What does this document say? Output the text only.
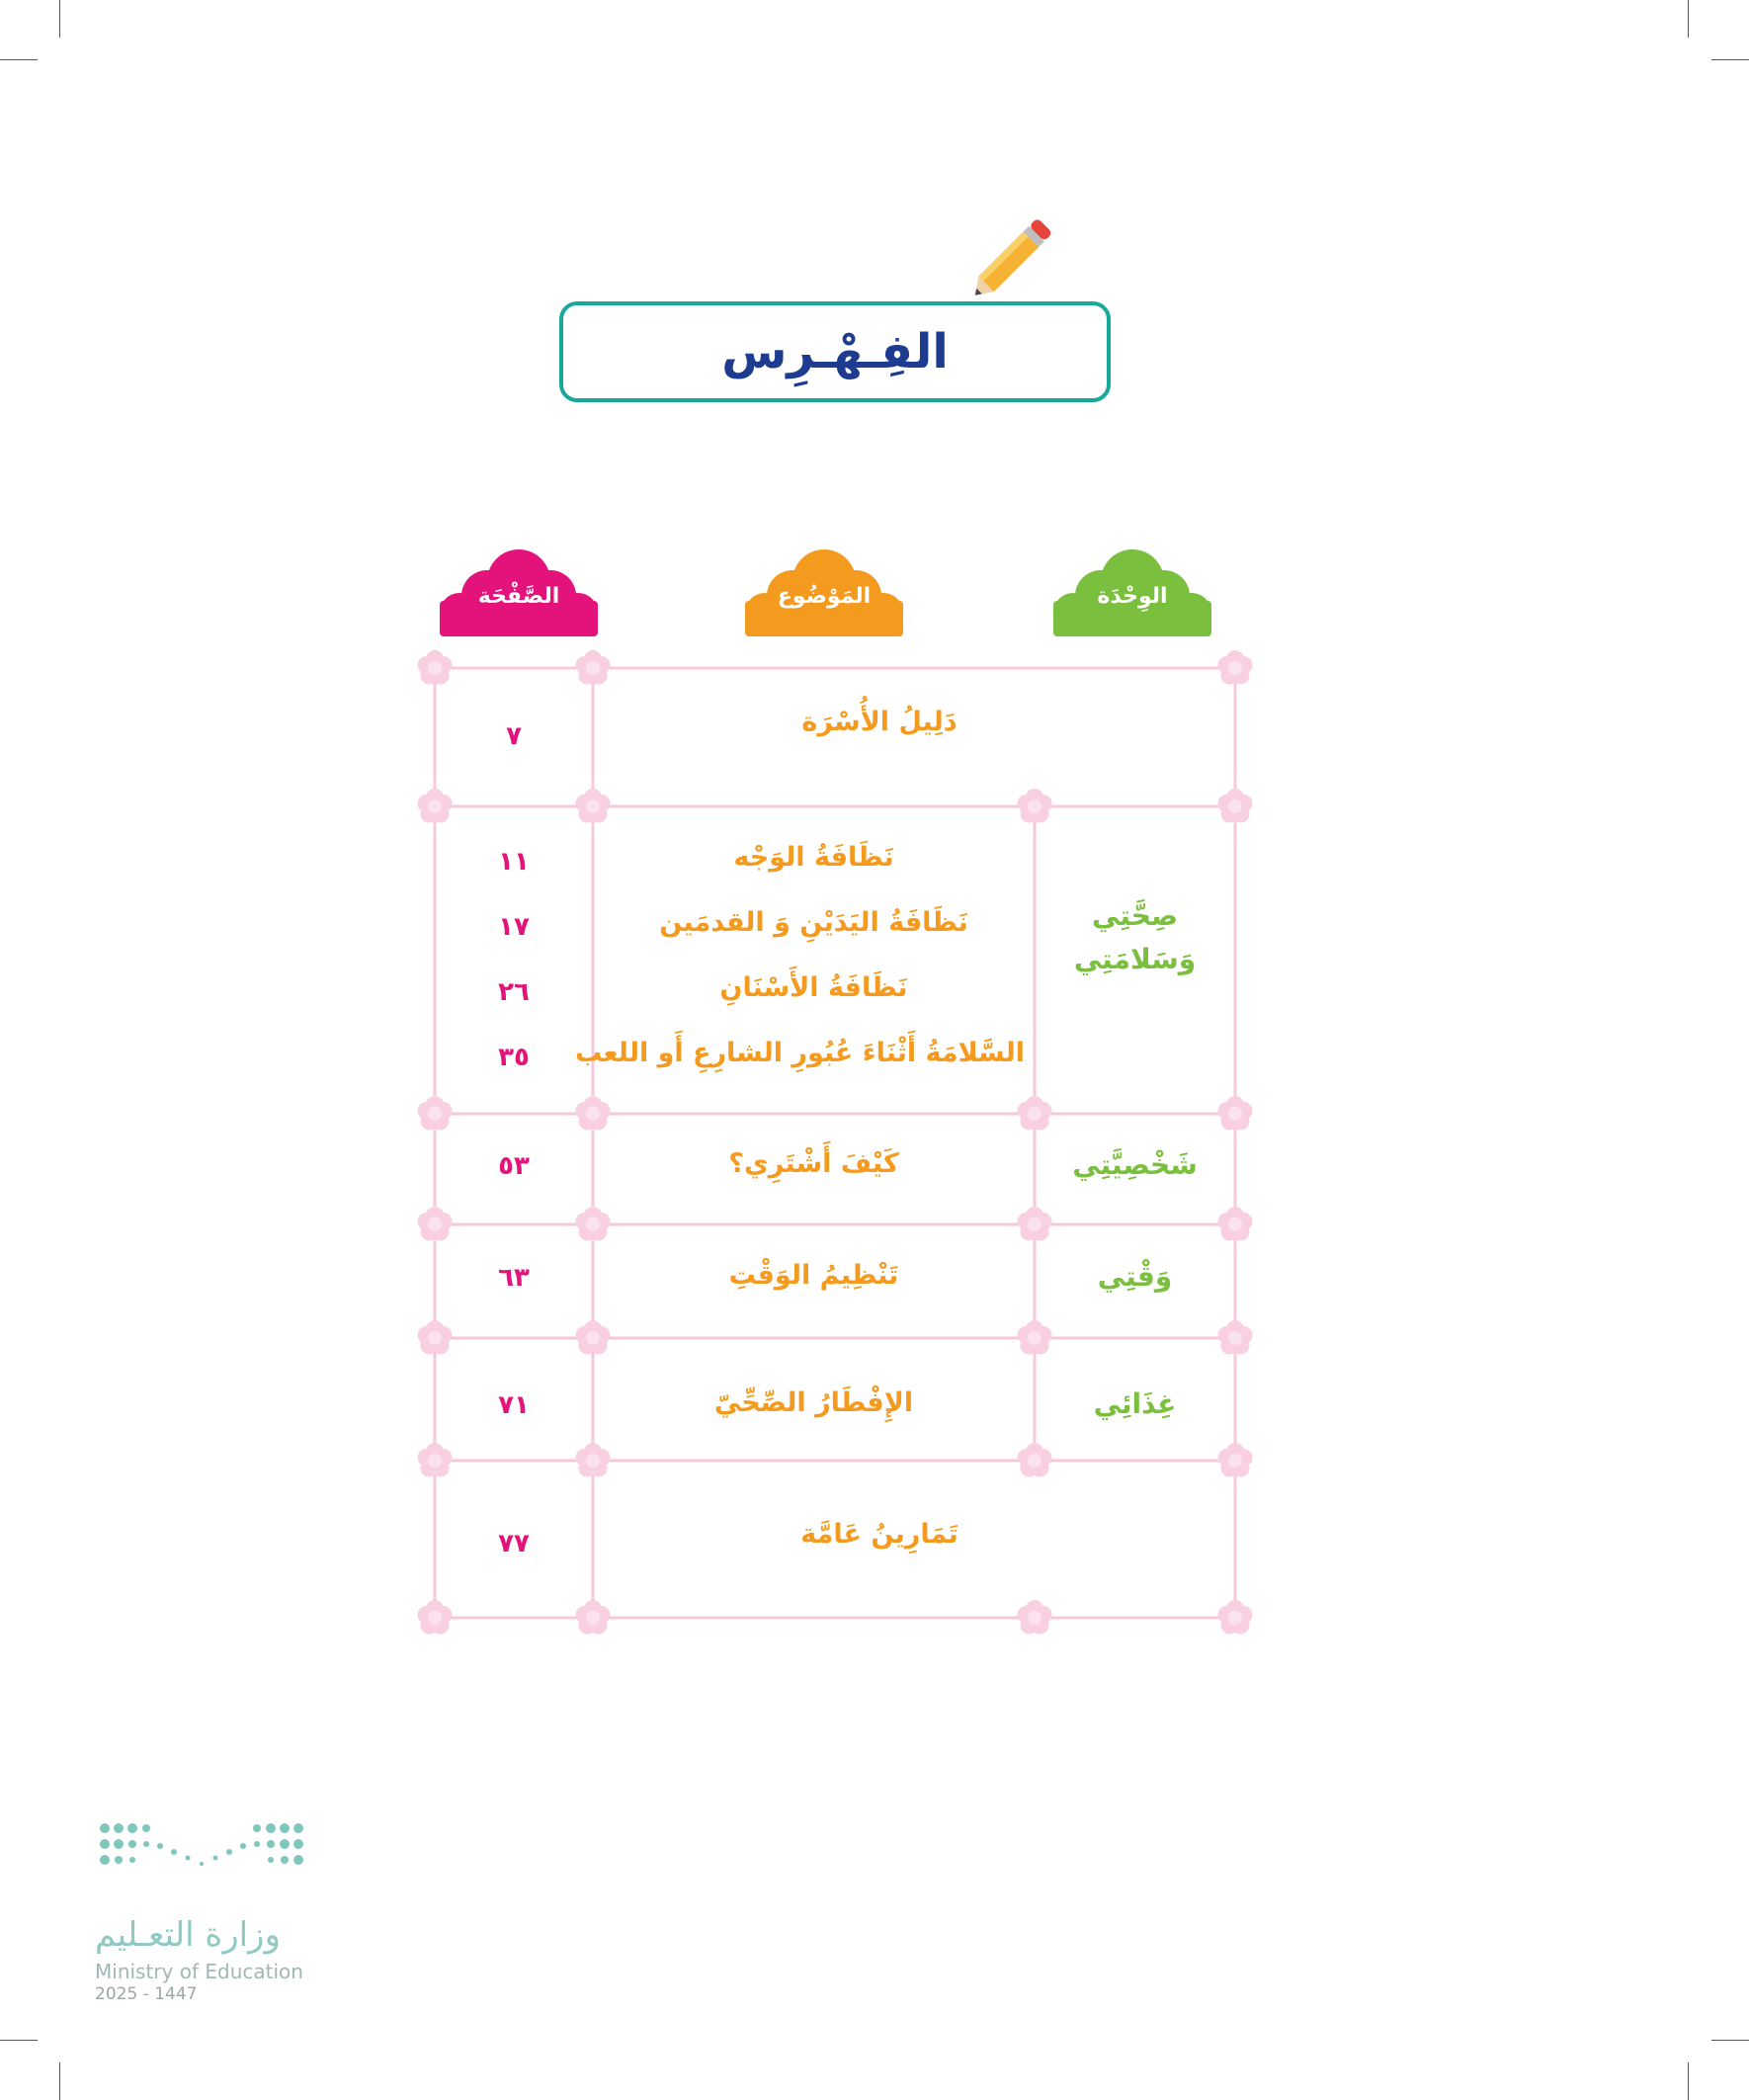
الفِـهْـرِس
الوِحْدَة
المَوْضُوع
الصَّفْحَة
دَلِيلُ الأُسْرَة
٧
صِحَّتِي وَسَلامَتِي
نَظَافَةُ الوَجْه
نَظَافَةُ اليَدَيْنِ وَ القدمَين
نَظَافَةُ الأَسْنَانِ
السَّلامَةُ أَثْنَاءَ عُبُورِ الشارِعِ أَو اللعب
١١
١٧
٢٦
٣٥
شَخْصِيَّتِي
كَيْفَ أَشْتَرِي؟
٥٣
وَقْتِي
تَنْظِيمُ الوَقْتِ
٦٣
غِذَائِي
الإِفْطَارُ الصِّحِّيّ
٧١
تَمَارِينُ عَامَّة
٧٧
وزارة التعـليم
Ministry of Education
2025 - 1447
